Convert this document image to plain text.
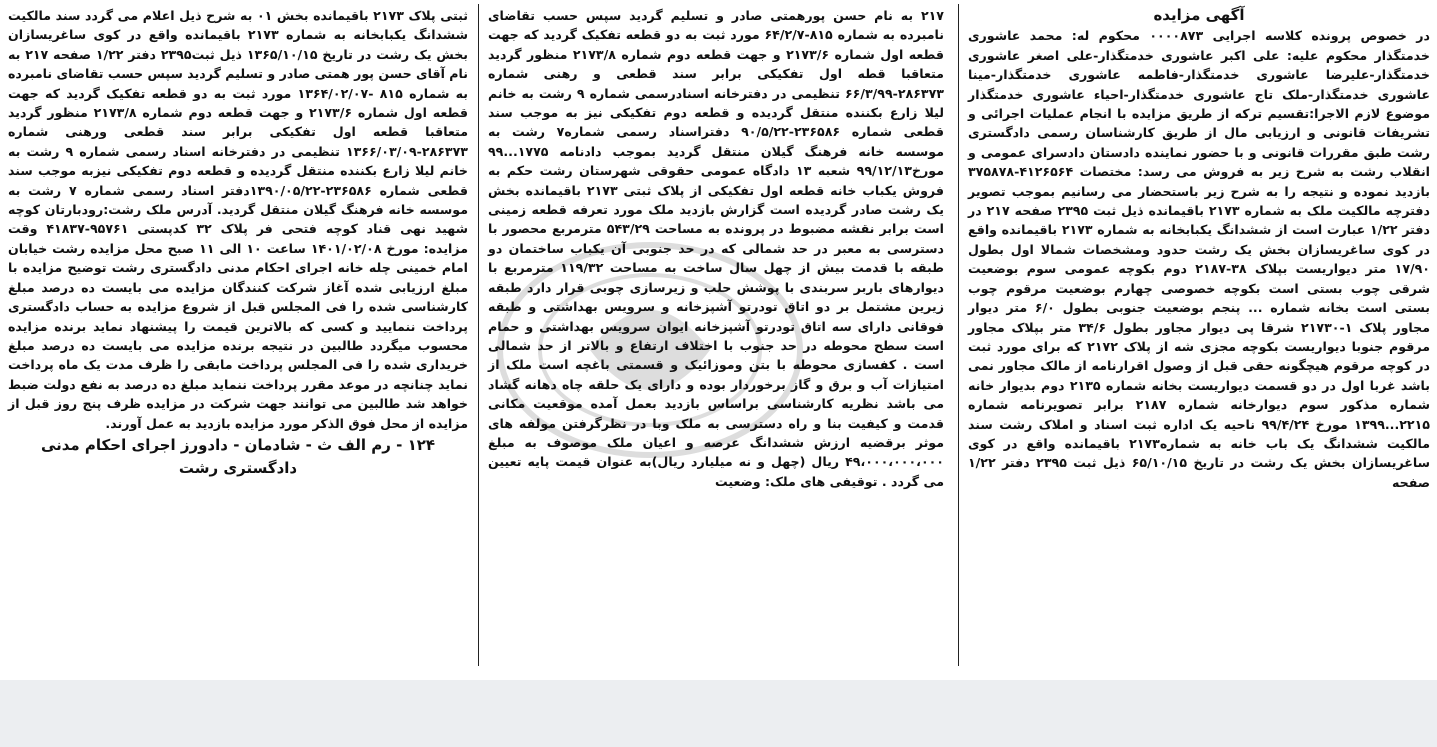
آگهی مزایده

در خصوص پرونده کلاسه اجرایی ۰۰۰۰۸۷۳ محکوم له: محمد عاشوری خدمتگذار محکوم علیه: علی اکبر عاشوری خدمتگذار-علی اصغر عاشوری خدمتگذار-علیرضا عاشوری خدمتگذار-فاطمه عاشوری خدمتگذار-مینا عاشوری خدمتگذار-ملک تاج عاشوری خدمتگذار-احیاء عاشوری خدمتگذار موضوع لازم الاجرا:تقسیم ترکه از طریق مزایده با انجام عملیات اجرائی و تشریفات قانونی و ارزیابی مال از طریق کارشناسان رسمی دادگستری رشت طبق مقررات قانونی و با حضور نماینده دادستان دادسرای عمومی و انقلاب رشت به شرح زیر به فروش می رسد: مختصات ۴۱۲۶۵۶۴-۳۷۵۸۷۸ بازدید نموده و نتیجه را به شرح زیر باستحضار می رسانیم بموجب تصویر دفترچه مالکیت ملک به شماره ۲۱۷۳ باقیمانده ذیل ثبت ۲۳۹۵ صفحه ۲۱۷ در دفتر ۱/۲۲ عبارت است از ششدانگ یکبابخانه به شماره ۲۱۷۳ باقیمانده واقع در کوی ساغریسازان بخش یک رشت حدود ومشخصات شمالا اول بطول ۱۷/۹۰ متر دیواریست بپلاک ۳۸-۲۱۸۷ دوم بکوچه عمومی سوم بوضعیت شرقی چوب بستی است بکوچه خصوصی چهارم بوضعیت مرقوم چوب بستی است بخانه شماره ... پنجم بوضعیت جنوبی بطول ۶/۰ متر دیوار مجاور پلاک ۱-۲۱۷۳۰ شرقا پی دیوار مجاور بطول ۳۴/۶ متر بپلاک مجاور مرقوم جنوبا دیواریست بکوچه مجزی شه از پلاک ۲۱۷۲ که برای مورد ثبت در کوچه مرقوم هیچگونه حقی قبل از وصول اقرارنامه از مالک مجاور نمی باشد غربا اول در دو قسمت دیواریست بخانه شماره ۲۱۳۵ دوم بدیوار خانه شماره مذکور سوم دیوارخانه شماره ۲۱۸۷ برابر تصویرنامه شماره ۲۲۱۵...۱۳۹۹ مورخ ۹۹/۴/۲۴ ناحیه یک اداره ثبت اسناد و املاک رشت سند مالکیت ششدانگ یک باب خانه به شماره۲۱۷۳ باقیمانده واقع در کوی ساغریسازان بخش یک رشت در تاریخ ۶۵/۱۰/۱۵ ذیل ثبت ۲۳۹۵ دفتر ۱/۲۲ صفحه

۲۱۷ به نام حسن پورهمتی صادر و تسلیم گردید سپس حسب تقاضای نامبرده به شماره ۸۱۵-۶۴/۲/۷ مورد ثبت به دو قطعه تفکیک گردید که جهت قطعه اول شماره ۲۱۷۳/۶ و جهت قطعه دوم شماره ۲۱۷۳/۸ منظور گردید متعاقبا قطه اول تفکیکی برابر سند قطعی و رهنی شماره ۲۸۶۳۷۳-۶۶/۳/۹۹ تنظیمی در دفترخانه اسنادرسمی شماره ۹ رشت به خانم لیلا زارع بکننده منتقل گردیده و قطعه دوم تفکیکی نیز به موجب سند قطعی شماره ۲۳۶۵۸۶-۹۰/۵/۲۲ دفتراسناد رسمی شماره۷ رشت به موسسه خانه فرهنگ گیلان منتقل گردید بموجب دادنامه ۱۷۷۵...۹۹ مورخ۹۹/۱۲/۱۳ شعبه ۱۳ دادگاه عمومی حقوقی شهرستان رشت حکم به فروش یکباب خانه قطعه اول تفکیکی از پلاک ثبتی ۲۱۷۳ باقیمانده بخش یک رشت صادر گردیده است گزارش بازدید ملک مورد تعرفه قطعه زمینی است برابر نقشه مضبوط در پرونده به مساحت ۵۴۳/۲۹ مترمربع محصور با دسترسی به معبر در حد شمالی که در حد جنوبی آن یکباب ساختمان دو طبقه با قدمت بیش از چهل سال ساخت به مساحت ۱۱۹/۳۲ مترمربع با دیوارهای باربر سربندی با پوشش حلب و زیرسازی چوبی قرار دارد طبقه زیرین مشتمل بر دو اتاق تودرتو آشپزخانه و سرویس بهداشتی و طبقه فوقانی دارای سه اتاق تودرتو آشپزخانه ایوان سرویس بهداشتی و حمام است سطح محوطه در حد جنوب با اختلاف ارتفاع و بالاتر از حد شمالی است . کفسازی محوطه با بتن وموزائیک و قسمتی باغچه است ملک از امتیازات آب و برق و گاز برخوردار بوده و دارای یک حلقه چاه دهانه گشاد می باشد نظریه کارشناسی براساس بازدید بعمل آمده موقعیت مکانی قدمت و کیفیت بنا و راه دسترسی به ملک وبا در نظرگرفتن مولفه های موثر برقضیه ارزش ششدانگ عرصه و اعیان ملک موصوف به مبلغ ۴۹،۰۰۰،۰۰۰،۰۰۰ ریال (چهل و نه میلیارد ریال)به عنوان قیمت پایه تعیین می گردد . توقیفی های ملک: وضعیت

ثبتی پلاک ۲۱۷۳ باقیمانده بخش ۰۱ به شرح ذیل اعلام می گردد سند مالکیت ششدانگ یکبابخانه به شماره ۲۱۷۳ باقیمانده واقع در کوی ساغریسازان بخش یک رشت در تاریخ ۱۳۶۵/۱۰/۱۵ ذیل ثبت۲۳۹۵ دفتر ۱/۲۲ صفحه ۲۱۷ به نام آقای حسن پور همتی صادر و تسلیم گردید سپس حسب تقاضای نامبرده به شماره ۸۱۵ -۱۳۶۴/۰۲/۰۷ مورد ثبت به دو قطعه تفکیک گردید که جهت قطعه اول شماره ۲۱۷۳/۶ و جهت قطعه دوم شماره ۲۱۷۳/۸ منظور گردید متعاقبا قطعه اول تفکیکی برابر سند قطعی ورهنی شماره ۲۸۶۳۷۳-۱۳۶۶/۰۳/۰۹ تنظیمی در دفترخانه اسناد رسمی شماره ۹ رشت به خانم لیلا زارع بکننده منتقل گردیده و قطعه دوم تفکیکی نیزبه موجب سند قطعی شماره ۲۳۶۵۸۶-۱۳۹۰/۰۵/۲۲دفتر اسناد رسمی شماره ۷ رشت به موسسه خانه فرهنگ گیلان منتقل گردید. آدرس ملک رشت:رودبارتان کوچه شهید نهی قناد کوچه فتحی فر پلاک ۳۲ کدپستی ۹۵۷۶۱-۴۱۸۳۷ وقت مزایده: مورخ ۱۴۰۱/۰۲/۰۸ ساعت ۱۰ الی ۱۱ صبح محل مزایده رشت خیابان امام خمینی چله خانه اجرای احکام مدنی دادگستری رشت توضیح مزایده با مبلغ ارزیابی شده آغاز شرکت کنندگان مزایده می بایست ده درصد مبلغ کارشناسی شده را فی المجلس قبل از شروع مزایده به حساب دادگستری پرداخت ننمایید و کسی که بالاترین قیمت را پیشنهاد نماید برنده مزایده محسوب میگردد طالبین در نتیجه برنده مزایده می بایست ده درصد مبلغ خریداری شده را فی المجلس پرداخت مابقی را ظرف مدت یک ماه پرداخت نماید چنانچه در موعد مقرر پرداخت ننماید مبلغ ده درصد به نفع دولت ضبط خواهد شد طالبین می توانند جهت شرکت در مزایده ظرف پنج روز قبل از مزایده از محل فوق الذکر مورد مزایده بازدید به عمل آورند.

۱۲۴ - رم الف ث - شادمان - دادورز اجرای احکام مدنی
دادگستری رشت
